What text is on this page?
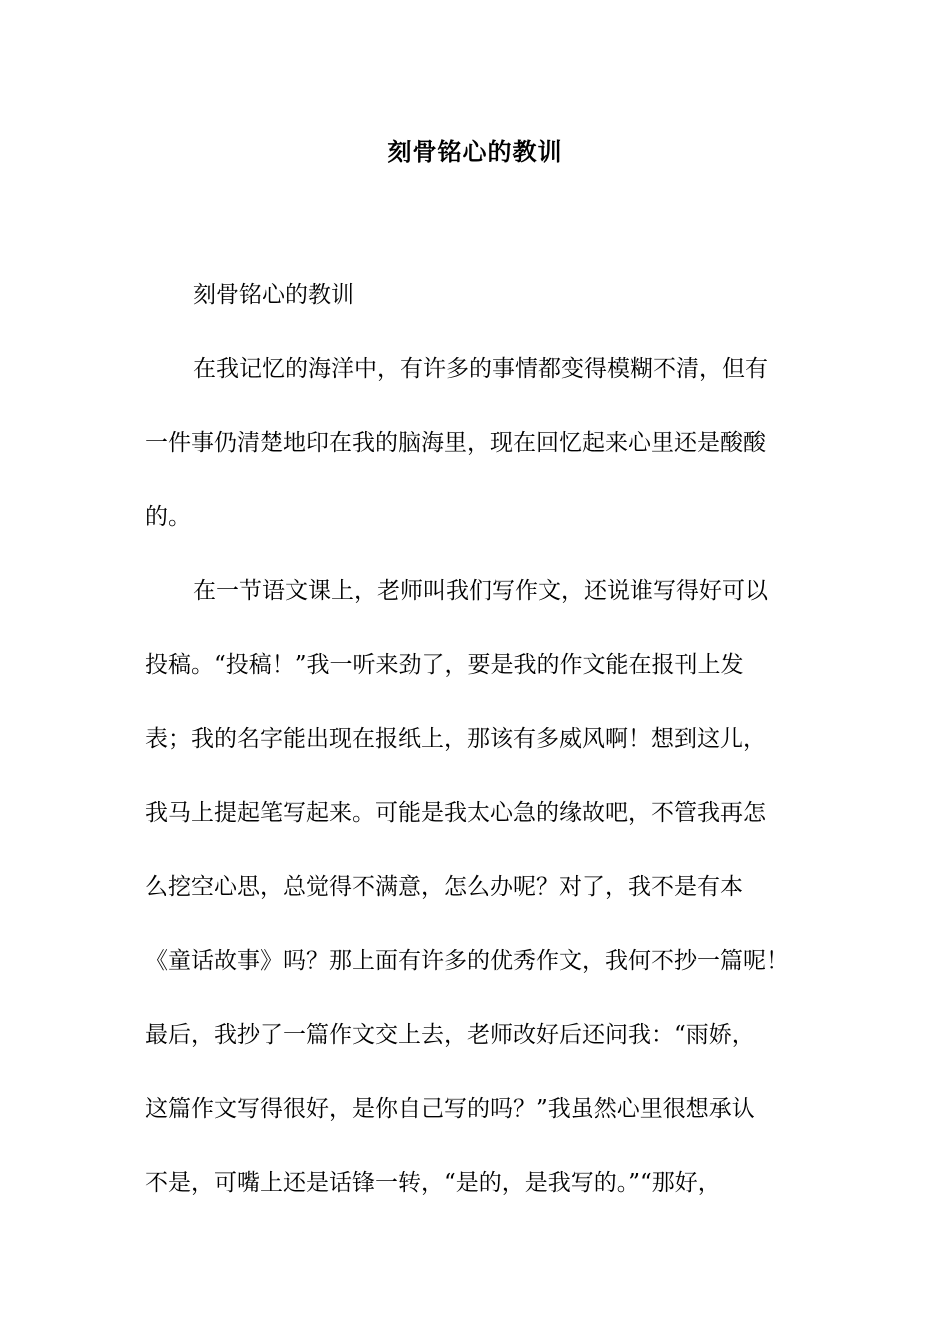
刻骨铭心的教训
刻骨铭心的教训
在我记忆的海洋中，有许多的事情都变得模糊不清，但有
一件事仍清楚地印在我的脑海里，现在回忆起来心里还是酸酸
的。
在一节语文课上，老师叫我们写作文，还说谁写得好可以
投稿。“投稿！”我一听来劲了，要是我的作文能在报刊上发
表；我的名字能出现在报纸上，那该有多威风啊！想到这儿，
我马上提起笔写起来。可能是我太心急的缘故吧，不管我再怎
么挖空心思，总觉得不满意，怎么办呢？对了，我不是有本
《童话故事》吗？那上面有许多的优秀作文，我何不抄一篇呢！
最后，我抄了一篇作文交上去，老师改好后还问我：“雨娇，
这篇作文写得很好，是你自己写的吗？”我虽然心里很想承认
不是，可嘴上还是话锋一转，“是的，是我写的。”“那好，
